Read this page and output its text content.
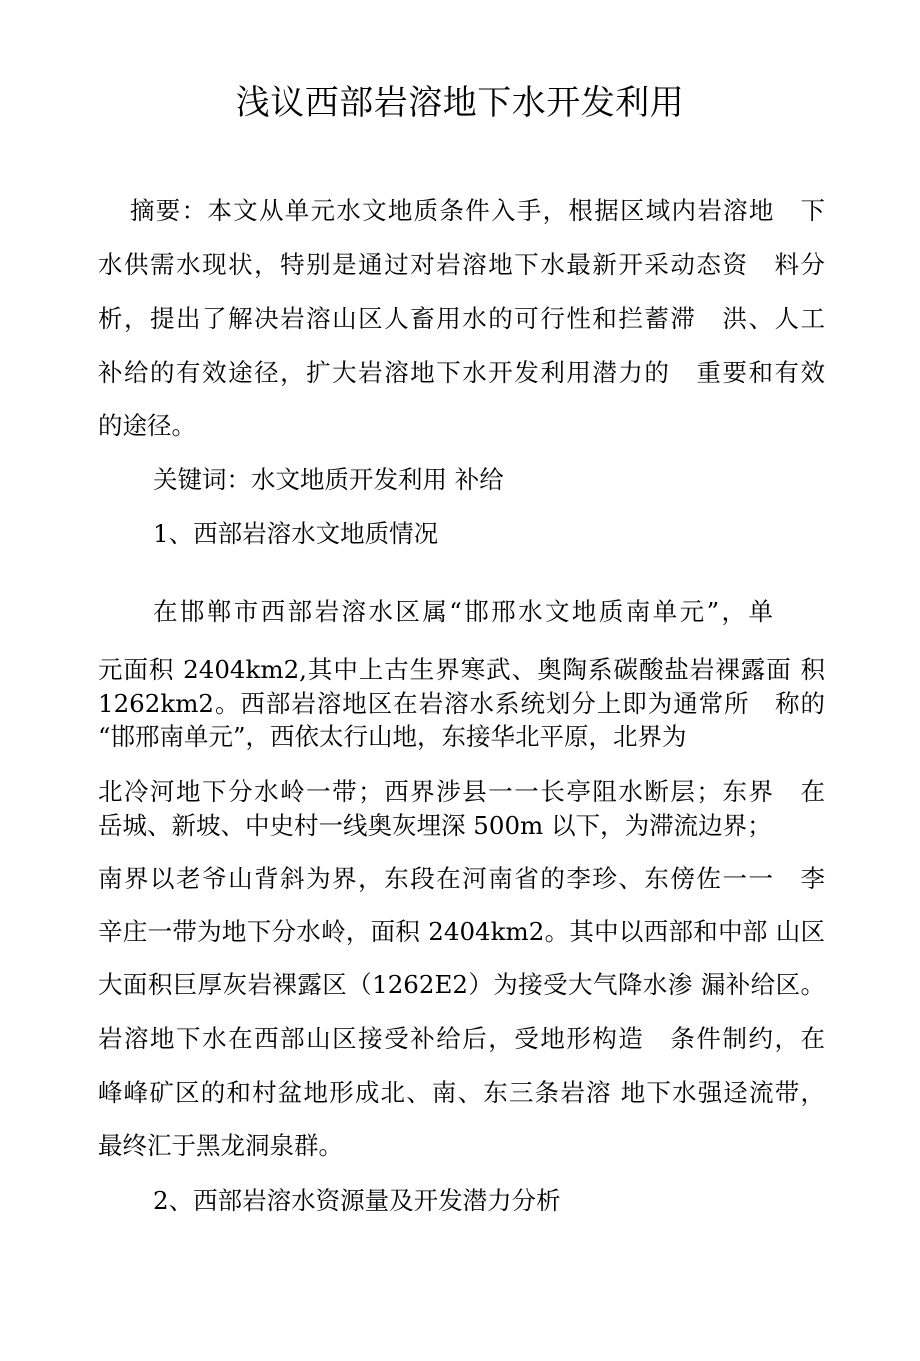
浅议西部岩溶地下水开发利用
摘要：本文从单元水文地质条件入手，根据区域内岩溶地　下
水供需水现状，特别是通过对岩溶地下水最新开采动态资　料分
析，提出了解决岩溶山区人畜用水的可行性和拦蓄滞　洪、人工
补给的有效途径，扩大岩溶地下水开发利用潜力的　重要和有效
的途径。
关键词：水文地质开发利用 补给
1、西部岩溶水文地质情况
在邯郸市西部岩溶水区属“邯邢水文地质南单元”，单
元面积 2404km2,其中上古生界寒武、奥陶系碳酸盐岩裸露面 积
1262km2。西部岩溶地区在岩溶水系统划分上即为通常所　称的
“邯邢南单元”，西依太行山地，东接华北平原，北界为
北冷河地下分水岭一带；西界涉县一一长亭阻水断层；东界　在
岳城、新坡、中史村一线奥灰埋深 500m 以下，为滞流边界；
南界以老爷山背斜为界，东段在河南省的李珍、东傍佐一一　李
辛庄一带为地下分水岭，面积 2404km2。其中以西部和中部 山区
大面积巨厚灰岩裸露区（1262E2）为接受大气降水渗 漏补给区。
岩溶地下水在西部山区接受补给后，受地形构造　条件制约，在
峰峰矿区的和村盆地形成北、南、东三条岩溶 地下水强迳流带，
最终汇于黑龙洞泉群。
2、西部岩溶水资源量及开发潜力分析
